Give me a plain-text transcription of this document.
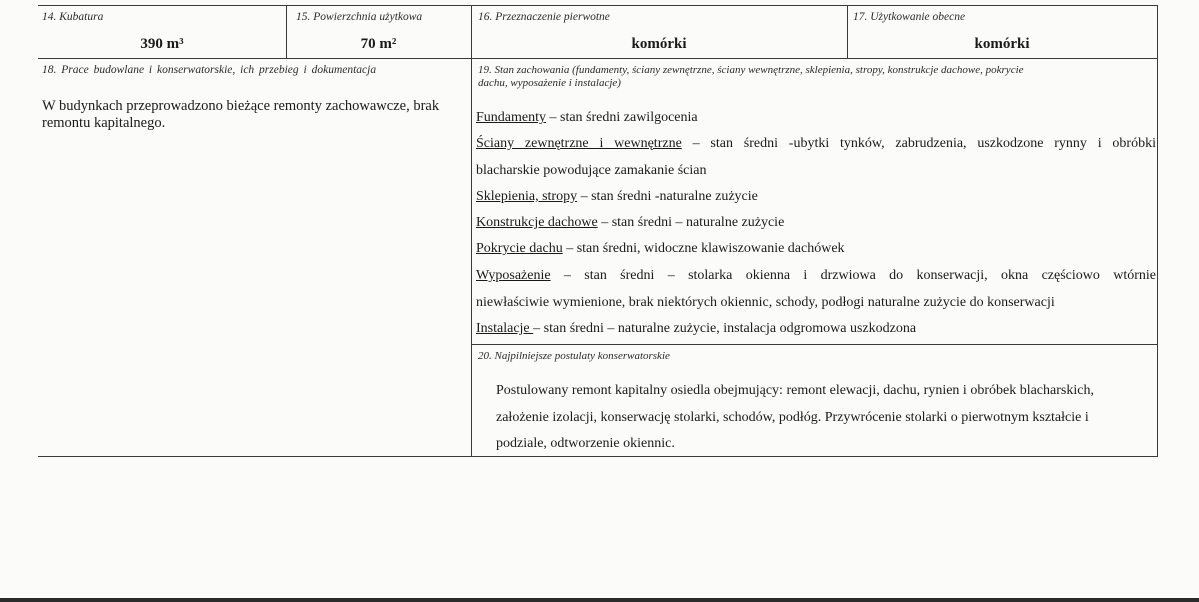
14. Kubatura
390 m³
15. Powierzchnia użytkowa
70 m²
16. Przeznaczenie pierwotne
komórki
17. Użytkowanie obecne
komórki
18. Prace budowlane i konserwatorskie, ich przebieg i dokumentacja
W budynkach przeprowadzono bieżące remonty zachowawcze, brak remontu kapitalnego.
19. Stan zachowania (fundamenty, ściany zewnętrzne, ściany wewnętrzne, sklepienia, stropy, konstrukcje dachowe, pokrycie
dachu, wyposażenie i instalacje)
Fundamenty – stan średni zawilgocenia
Ściany zewnętrzne i wewnętrzne – stan średni -ubytki tynków, zabrudzenia, uszkodzone rynny i obróbki
blacharskie powodujące zamakanie ścian
Sklepienia, stropy – stan średni -naturalne zużycie
Konstrukcje dachowe – stan średni – naturalne zużycie
Pokrycie dachu – stan średni, widoczne klawiszowanie dachówek
Wyposażenie – stan średni – stolarka okienna i drzwiowa do konserwacji, okna częściowo wtórnie
niewłaściwie wymienione, brak niektórych okiennic, schody, podłogi naturalne zużycie do konserwacji
Instalacje – stan średni – naturalne zużycie, instalacja odgromowa uszkodzona
20. Najpilniejsze postulaty konserwatorskie
Postulowany remont kapitalny osiedla obejmujący: remont elewacji, dachu, rynien i obróbek blacharskich,
założenie izolacji, konserwację stolarki, schodów, podłóg. Przywrócenie stolarki o pierwotnym kształcie i
podziale, odtworzenie okiennic.
